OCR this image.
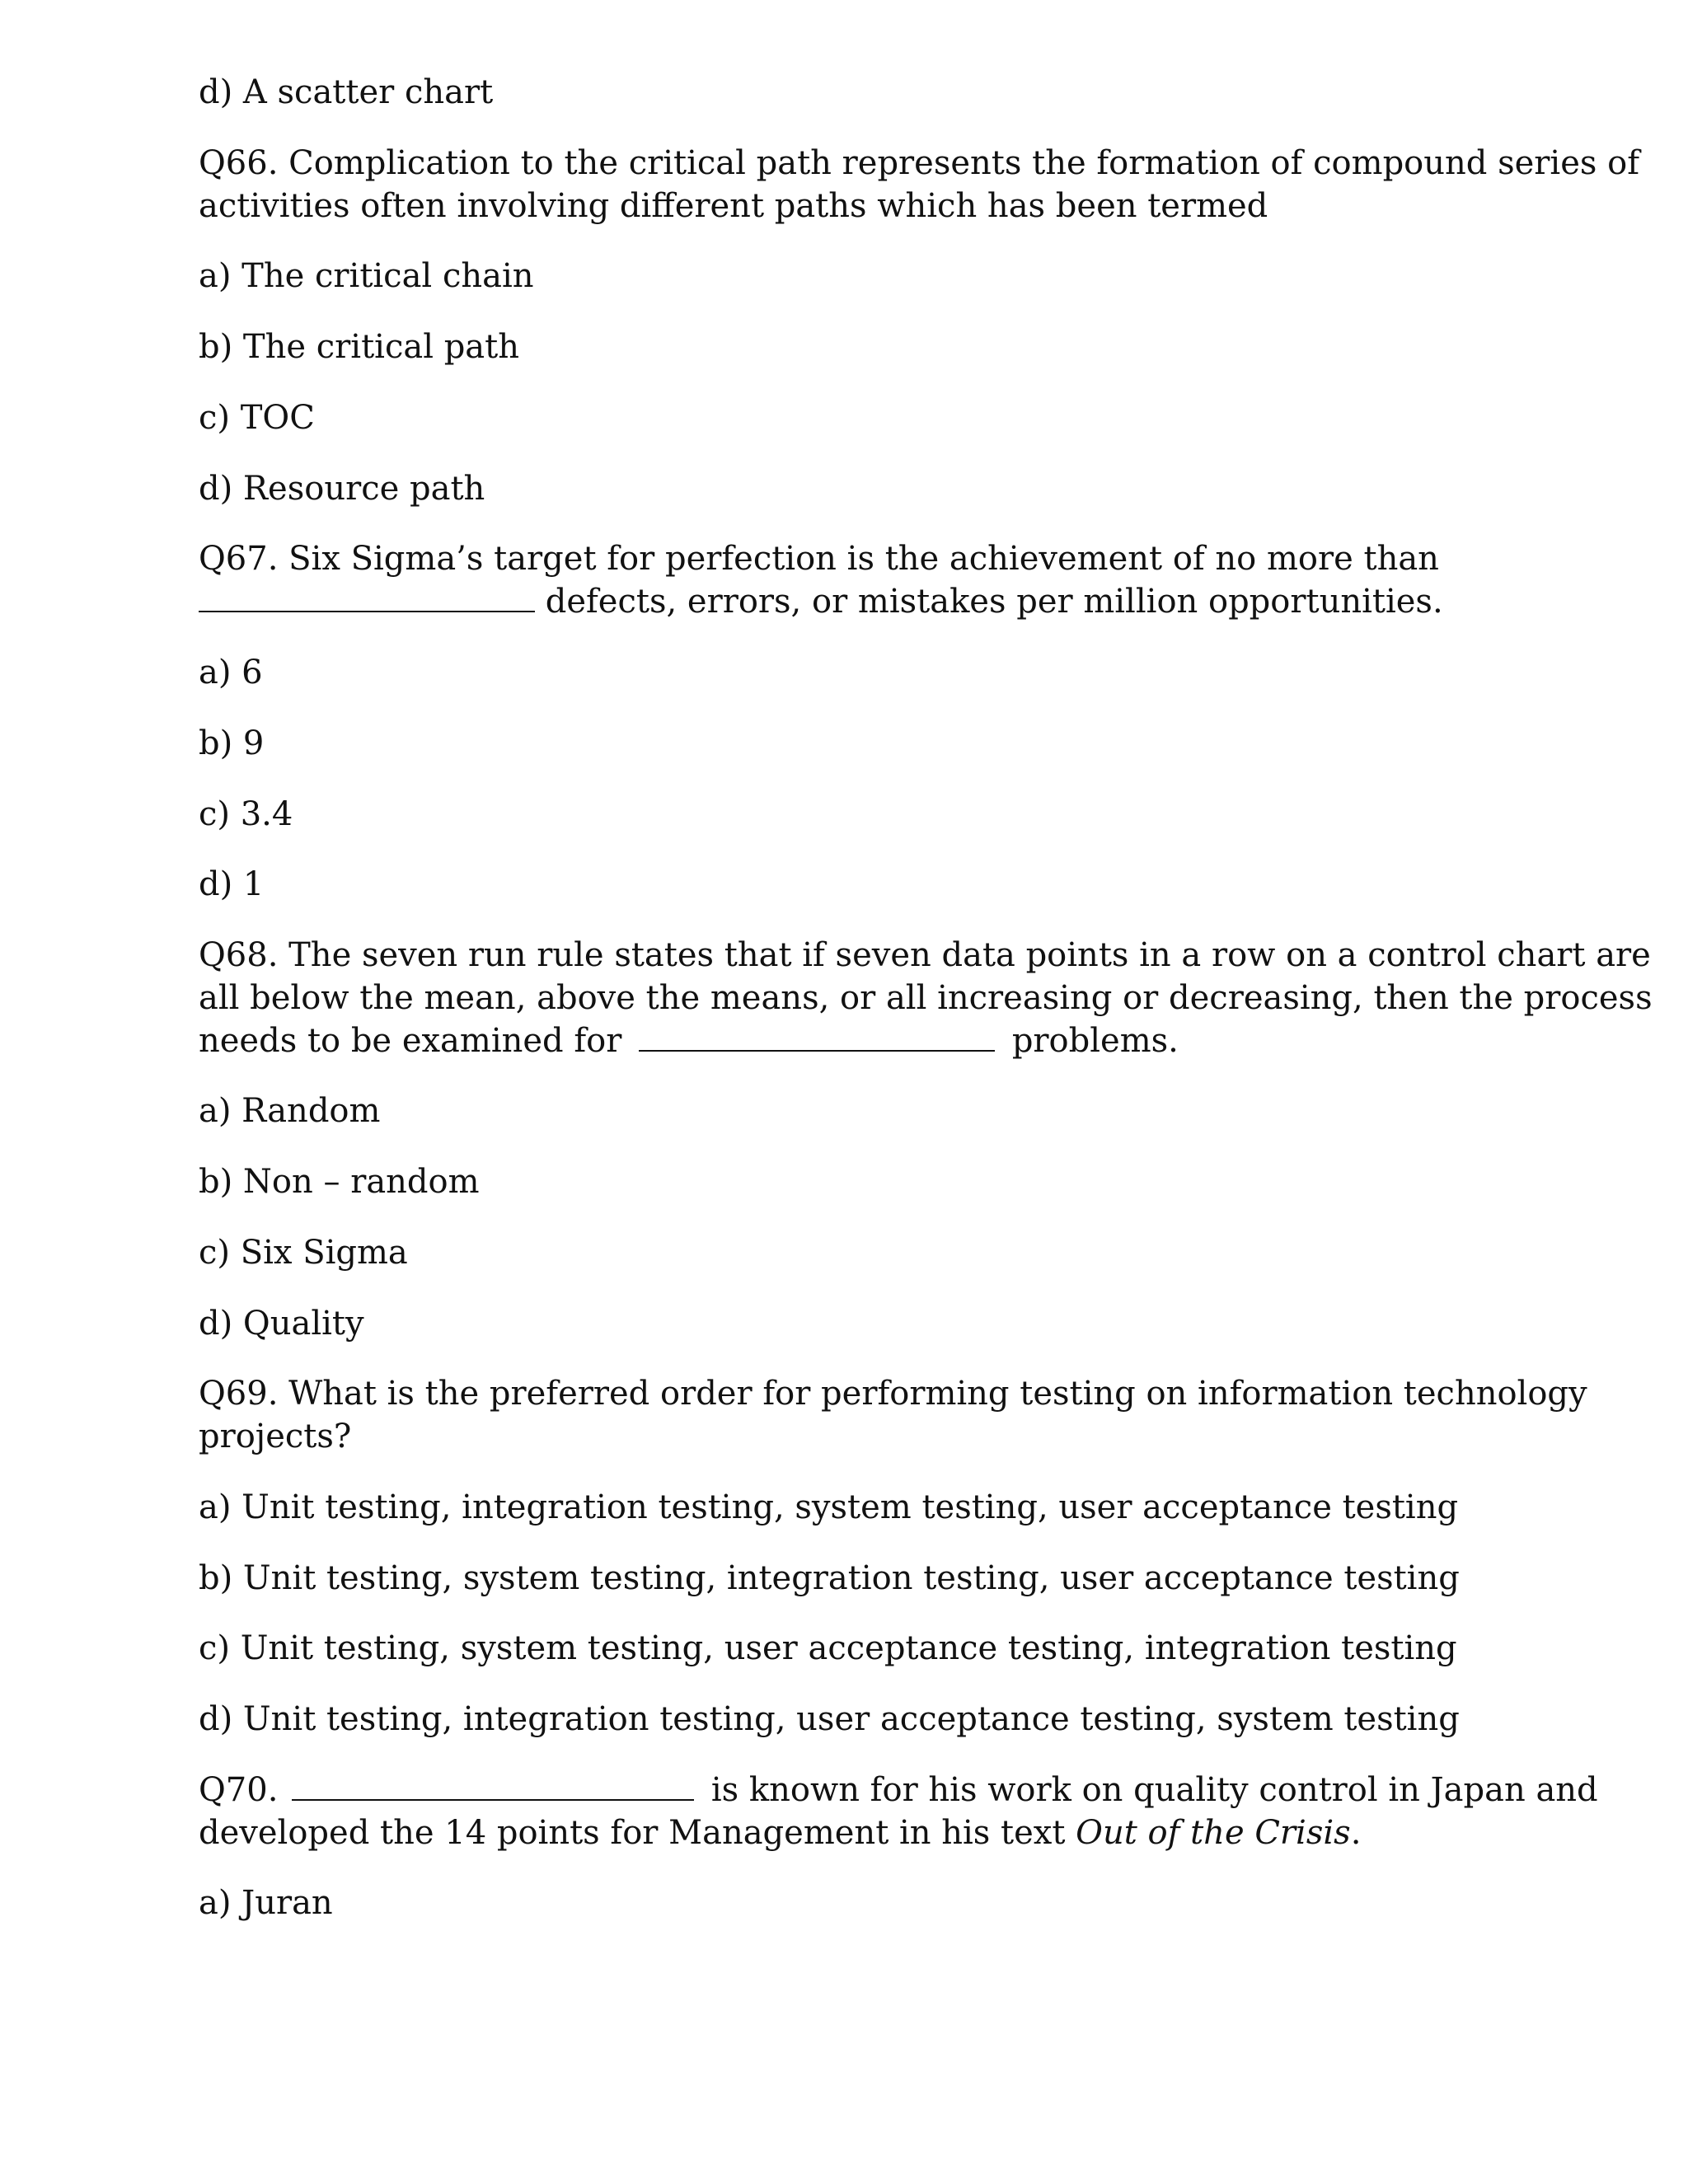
d) A scatter chart
Q66. Complication to the critical path represents the formation of compound series of
activities often involving different paths which has been termed
a) The critical chain
b) The critical path
c) TOC
d) Resource path
Q67. Six Sigma’s target for perfection is the achievement of no more than
defects, errors, or mistakes per million opportunities.
a) 6
b) 9
c) 3.4
d) 1
Q68. The seven run rule states that if seven data points in a row on a control chart are
all below the mean, above the means, or all increasing or decreasing, then the process
needs to be examined for	problems.
a) Random
b) Non – random
c) Six Sigma
d) Quality
Q69. What is the preferred order for performing testing on information technology
projects?
a) Unit testing, integration testing, system testing, user acceptance testing
b) Unit testing, system testing, integration testing, user acceptance testing
c) Unit testing, system testing, user acceptance testing, integration testing
d) Unit testing, integration testing, user acceptance testing, system testing
Q70.	is known for his work on quality control in Japan and
developed the 14 points for Management in his text Out of the Crisis.
a) Juran
